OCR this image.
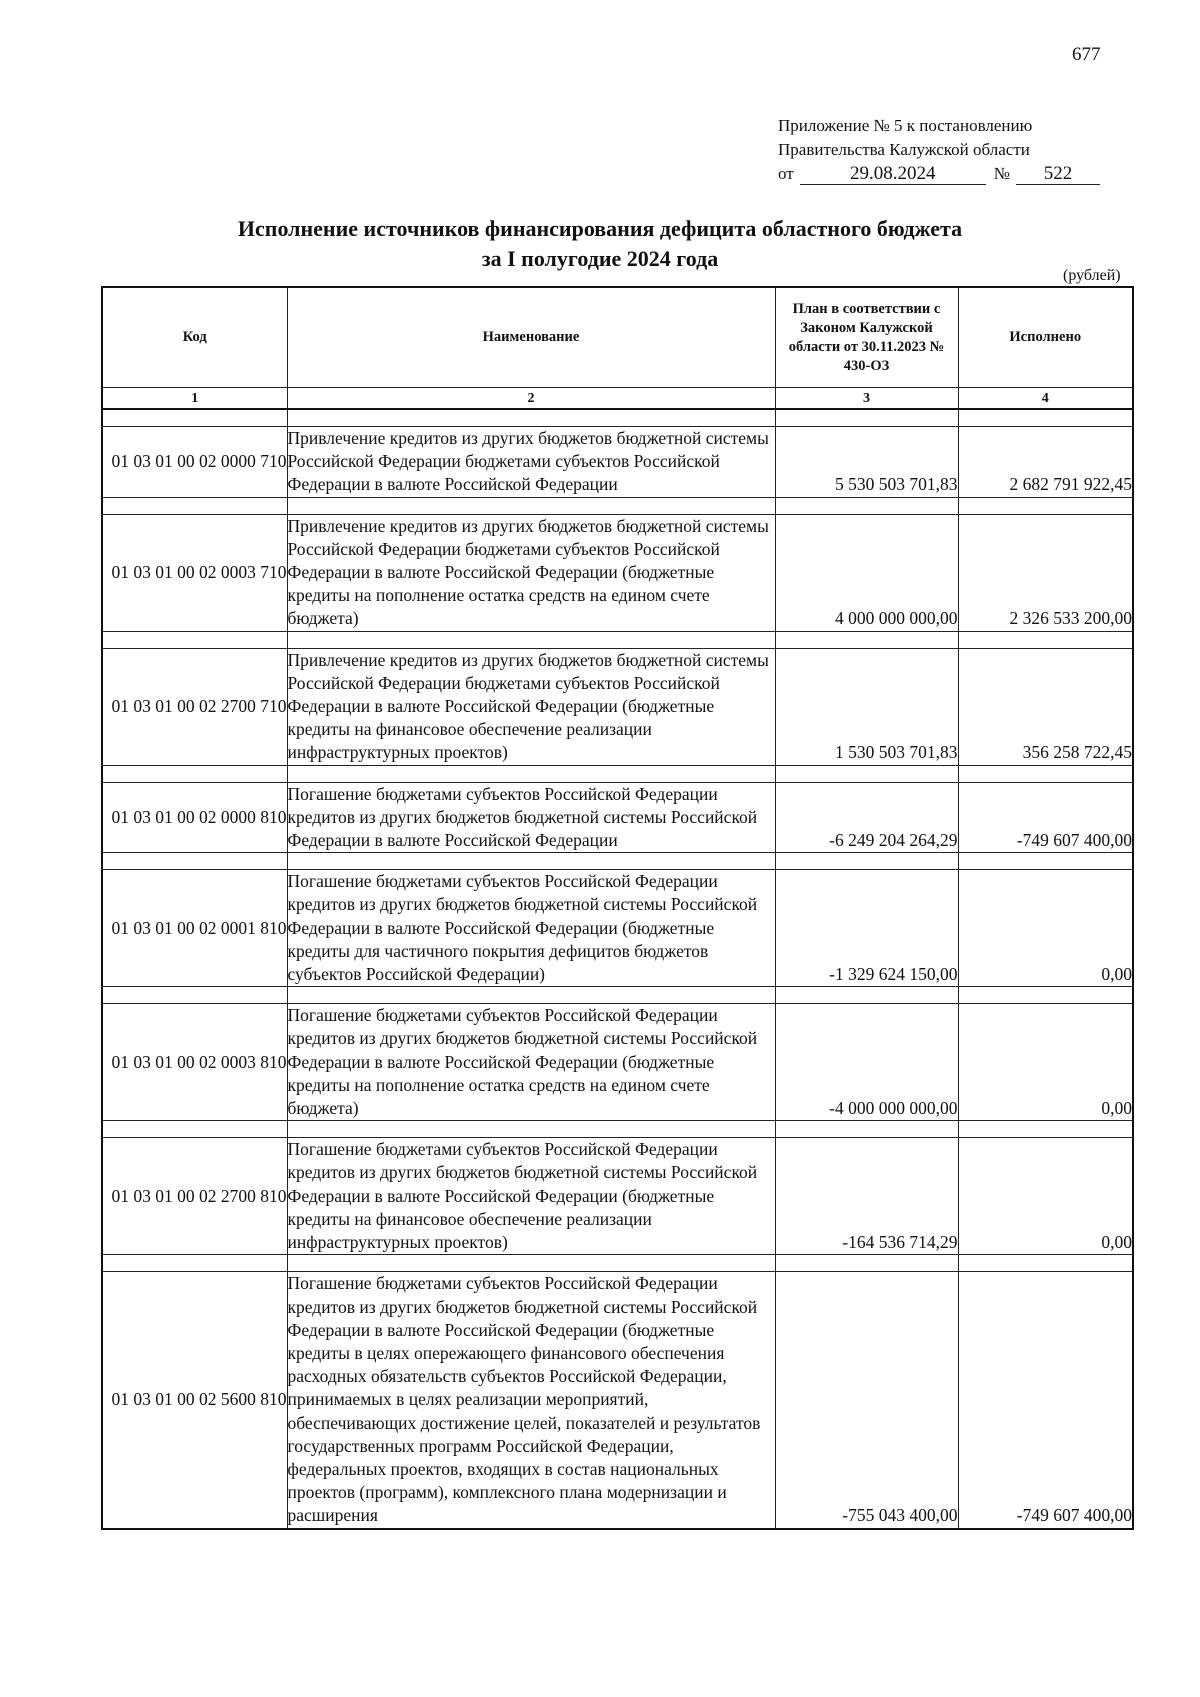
677
Приложение № 5 к постановлению
Правительства Калужской области
от	29.08.2024	№ 522
Исполнение источников финансирования дефицита областного бюджета
за I полугодие 2024 года
(рублей)
Код	Наименование	План в соответствии с Законом Калужской области от 30.11.2023 № 430-ОЗ	Исполнено
1	2	3	4

01 03 01 00 02 0000 710	Привлечение кредитов из других бюджетов бюджетной системы Российской Федерации бюджетами субъектов Российской Федерации в валюте Российской Федерации	5 530 503 701,83	2 682 791 922,45

01 03 01 00 02 0003 710	Привлечение кредитов из других бюджетов бюджетной системы Российской Федерации бюджетами субъектов Российской Федерации в валюте Российской Федерации (бюджетные кредиты на пополнение остатка средств на едином счете бюджета)	4 000 000 000,00	2 326 533 200,00

01 03 01 00 02 2700 710	Привлечение кредитов из других бюджетов бюджетной системы Российской Федерации бюджетами субъектов Российской Федерации в валюте Российской Федерации (бюджетные кредиты на финансовое обеспечение реализации инфраструктурных проектов)	1 530 503 701,83	356 258 722,45

01 03 01 00 02 0000 810	Погашение бюджетами субъектов Российской Федерации кредитов из других бюджетов бюджетной системы Российской Федерации в валюте Российской Федерации	-6 249 204 264,29	-749 607 400,00

01 03 01 00 02 0001 810	Погашение бюджетами субъектов Российской Федерации кредитов из других бюджетов бюджетной системы Российской Федерации в валюте Российской Федерации (бюджетные кредиты для частичного покрытия дефицитов бюджетов субъектов Российской Федерации)	-1 329 624 150,00	0,00

01 03 01 00 02 0003 810	Погашение бюджетами субъектов Российской Федерации кредитов из других бюджетов бюджетной системы Российской Федерации в валюте Российской Федерации (бюджетные кредиты на пополнение остатка средств на едином счете бюджета)	-4 000 000 000,00	0,00

01 03 01 00 02 2700 810	Погашение бюджетами субъектов Российской Федерации кредитов из других бюджетов бюджетной системы Российской Федерации в валюте Российской Федерации (бюджетные кредиты на финансовое обеспечение реализации инфраструктурных проектов)	-164 536 714,29	0,00

01 03 01 00 02 5600 810	Погашение бюджетами субъектов Российской Федерации кредитов из других бюджетов бюджетной системы Российской Федерации в валюте Российской Федерации (бюджетные кредиты в целях опережающего финансового обеспечения расходных обязательств субъектов Российской Федерации, принимаемых в целях реализации мероприятий, обеспечивающих достижение целей, показателей и результатов государственных программ Российской Федерации, федеральных проектов, входящих в состав национальных проектов (программ), комплексного плана модернизации и расширения	-755 043 400,00	-749 607 400,00
